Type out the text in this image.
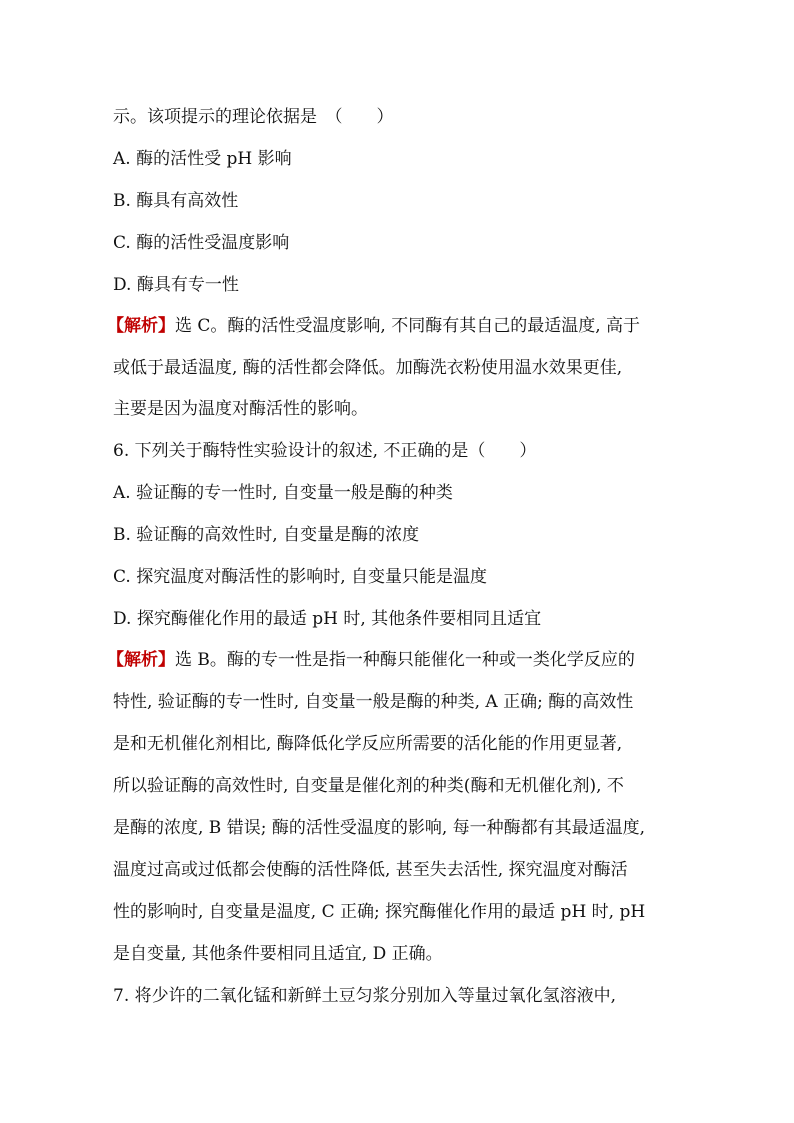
示。该项提示的理论依据是　（　　）
A. 酶的活性受 pH 影响
B. 酶具有高效性
C. 酶的活性受温度影响
D. 酶具有专一性
【解析】选 C。酶的活性受温度影响, 不同酶有其自己的最适温度, 高于
或低于最适温度, 酶的活性都会降低。加酶洗衣粉使用温水效果更佳,
主要是因为温度对酶活性的影响。
6. 下列关于酶特性实验设计的叙述, 不正确的是（　　）
A. 验证酶的专一性时, 自变量一般是酶的种类
B. 验证酶的高效性时, 自变量是酶的浓度
C. 探究温度对酶活性的影响时, 自变量只能是温度
D. 探究酶催化作用的最适 pH 时, 其他条件要相同且适宜
【解析】选 B。酶的专一性是指一种酶只能催化一种或一类化学反应的
特性, 验证酶的专一性时, 自变量一般是酶的种类, A 正确; 酶的高效性
是和无机催化剂相比, 酶降低化学反应所需要的活化能的作用更显著,
所以验证酶的高效性时, 自变量是催化剂的种类(酶和无机催化剂), 不
是酶的浓度, B 错误; 酶的活性受温度的影响, 每一种酶都有其最适温度,
温度过高或过低都会使酶的活性降低, 甚至失去活性, 探究温度对酶活
性的影响时, 自变量是温度, C 正确; 探究酶催化作用的最适 pH 时, pH
是自变量, 其他条件要相同且适宜, D 正确。
7. 将少许的二氧化锰和新鲜土豆匀浆分别加入等量过氧化氢溶液中,
